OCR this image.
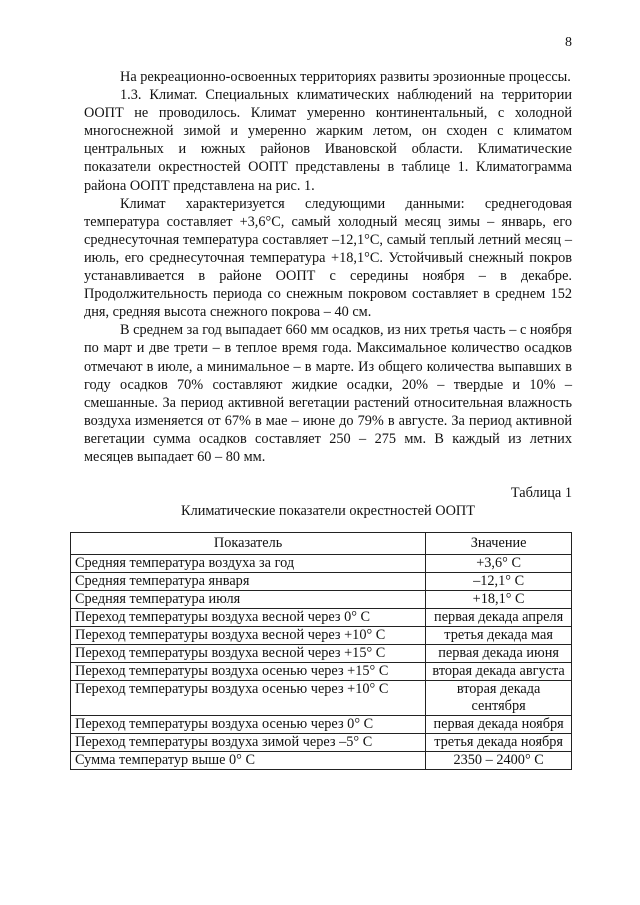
8

На рекреационно-освоенных территориях развиты эрозионные процессы.

1.3. Климат. Специальных климатических наблюдений на территории ООПТ не проводилось. Климат умеренно континентальный, с холодной многоснежной зимой и умеренно жарким летом, он сходен с климатом центральных и южных районов Ивановской области. Климатические показатели окрестностей ООПТ представлены в таблице 1. Климатограмма района ООПТ представлена на рис. 1.

Климат характеризуется следующими данными: среднегодовая температура составляет +3,6°С, самый холодный месяц зимы – январь, его среднесуточная температура составляет –12,1°С, самый теплый летний месяц – июль, его среднесуточная температура +18,1°С. Устойчивый снежный покров устанавливается в районе ООПТ с середины ноября – в декабре. Продолжительность периода со снежным покровом составляет в среднем 152 дня, средняя высота снежного покрова – 40 см.

В среднем за год выпадает 660 мм осадков, из них третья часть – с ноября по март и две трети – в теплое время года. Максимальное количество осадков отмечают в июле, а минимальное – в марте. Из общего количества выпавших в году осадков 70% составляют жидкие осадки, 20% – твердые и 10% – смешанные. За период активной вегетации растений относительная влажность воздуха изменяется от 67% в мае – июне до 79% в августе. За период активной вегетации сумма осадков составляет 250 – 275 мм. В каждый из летних месяцев выпадает 60 – 80 мм.

Таблица 1
Климатические показатели окрестностей ООПТ
Показатель	Значение
Средняя температура воздуха за год	+3,6° С
Средняя температура января	–12,1° С
Средняя температура июля	+18,1° С
Переход температуры воздуха весной через 0° С	первая декада апреля
Переход температуры воздуха весной через +10° С	третья декада мая
Переход температуры воздуха весной через +15° С	первая декада июня
Переход температуры воздуха осенью через +15° С	вторая декада августа
Переход температуры воздуха осенью через +10° С	вторая декада сентября
Переход температуры воздуха осенью через 0° С	первая декада ноября
Переход температуры воздуха зимой через –5° С	третья декада ноября
Сумма температур выше 0° С	2350 – 2400° С
